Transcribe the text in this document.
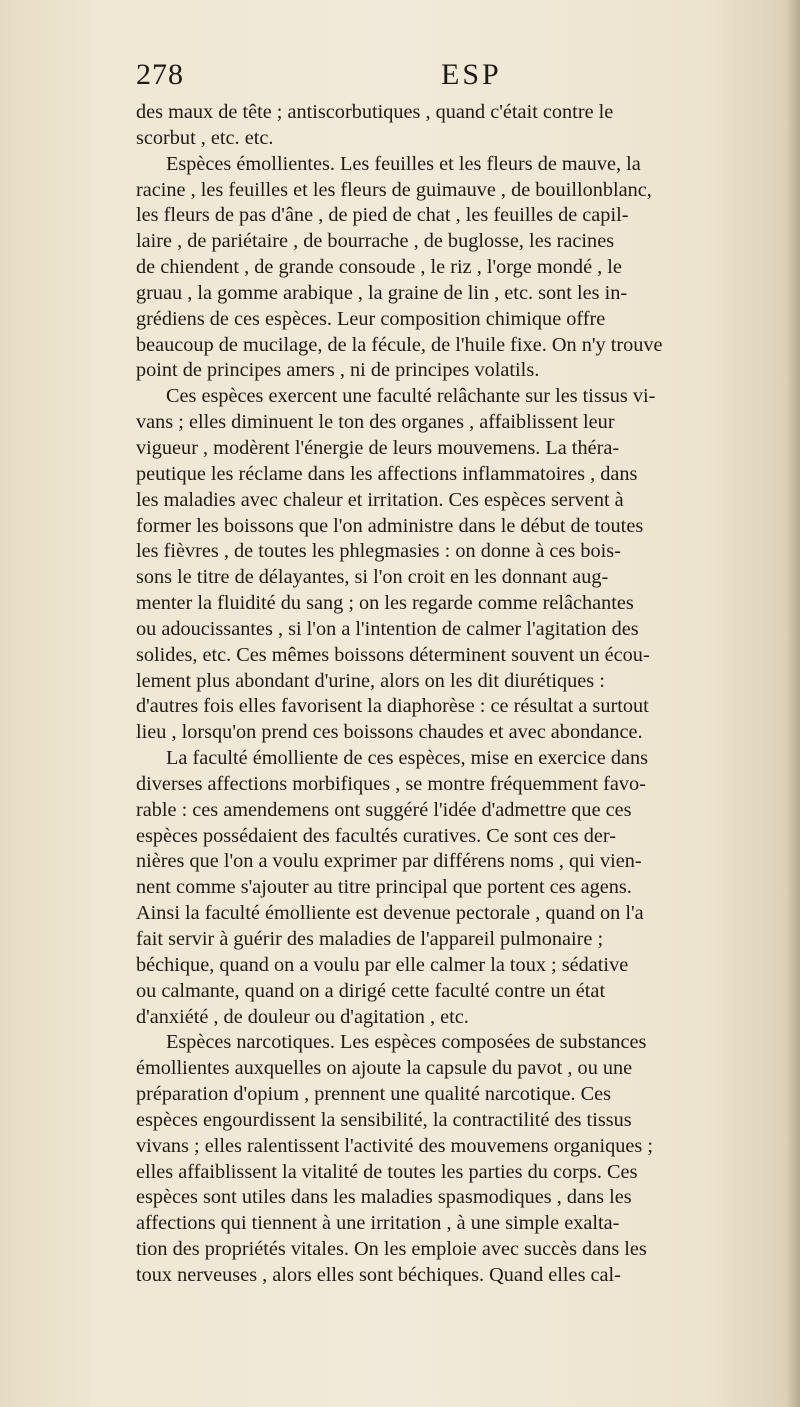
278	ESP
des maux de tête ; antiscorbutiques , quand c'était contre le
scorbut , etc. etc.
Espèces émollientes. Les feuilles et les fleurs de mauve, la
racine , les feuilles et les fleurs de guimauve , de bouillonblanc,
les fleurs de pas d'âne , de pied de chat , les feuilles de capil-
laire , de pariétaire , de bourrache , de buglosse, les racines
de chiendent , de grande consoude , le riz , l'orge mondé , le
gruau , la gomme arabique , la graine de lin , etc. sont les in-
grédiens de ces espèces. Leur composition chimique offre
beaucoup de mucilage, de la fécule, de l'huile fixe. On n'y trouve
point de principes amers , ni de principes volatils.
Ces espèces exercent une faculté relâchante sur les tissus vi-
vans ; elles diminuent le ton des organes , affaiblissent leur
vigueur , modèrent l'énergie de leurs mouvemens. La théra-
peutique les réclame dans les affections inflammatoires , dans
les maladies avec chaleur et irritation. Ces espèces servent à
former les boissons que l'on administre dans le début de toutes
les fièvres , de toutes les phlegmasies : on donne à ces bois-
sons le titre de délayantes, si l'on croit en les donnant aug-
menter la fluidité du sang ; on les regarde comme relâchantes
ou adoucissantes , si l'on a l'intention de calmer l'agitation des
solides, etc. Ces mêmes boissons déterminent souvent un écou-
lement plus abondant d'urine, alors on les dit diurétiques :
d'autres fois elles favorisent la diaphorèse : ce résultat a surtout
lieu , lorsqu'on prend ces boissons chaudes et avec abondance.
La faculté émolliente de ces espèces, mise en exercice dans
diverses affections morbifiques , se montre fréquemment favo-
rable : ces amendemens ont suggéré l'idée d'admettre que ces
espèces possédaient des facultés curatives. Ce sont ces der-
nières que l'on a voulu exprimer par différens noms , qui vien-
nent comme s'ajouter au titre principal que portent ces agens.
Ainsi la faculté émolliente est devenue pectorale , quand on l'a
fait servir à guérir des maladies de l'appareil pulmonaire ;
béchique, quand on a voulu par elle calmer la toux ; sédative
ou calmante, quand on a dirigé cette faculté contre un état
d'anxiété , de douleur ou d'agitation , etc.
Espèces narcotiques. Les espèces composées de substances
émollientes auxquelles on ajoute la capsule du pavot , ou une
préparation d'opium , prennent une qualité narcotique. Ces
espèces engourdissent la sensibilité, la contractilité des tissus
vivans ; elles ralentissent l'activité des mouvemens organiques ;
elles affaiblissent la vitalité de toutes les parties du corps. Ces
espèces sont utiles dans les maladies spasmodiques , dans les
affections qui tiennent à une irritation , à une simple exalta-
tion des propriétés vitales. On les emploie avec succès dans les
toux nerveuses , alors elles sont béchiques. Quand elles cal-
